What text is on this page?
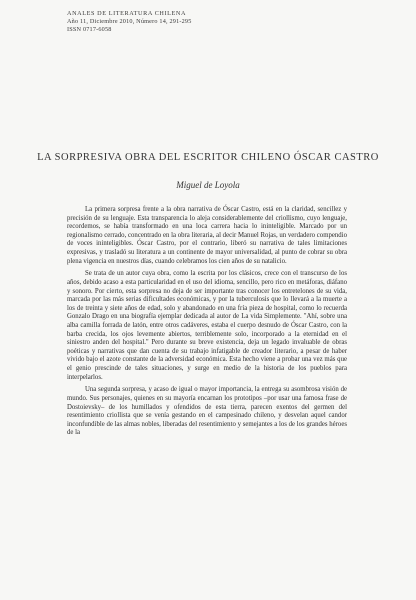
ANALES DE LITERATURA CHILENA
Año 11, Diciembre 2010, Número 14, 291-295
ISSN 0717-6058
LA SORPRESIVA OBRA DEL ESCRITOR CHILENO ÓSCAR CASTRO
Miguel de Loyola

La primera sorpresa frente a la obra narrativa de Óscar Castro, está en la claridad, sencillez y precisión de su lenguaje. Esta transparencia lo aleja considerablemente del criollismo, cuyo lenguaje, recordemos, se había transformado en una loca carrera hacia lo ininteligible. Marcado por un regionalismo cerrado, concentrado en la obra literaria, al decir Manuel Rojas, un verdadero compendio de voces ininteligibles. Óscar Castro, por el contrario, liberó su narrativa de tales limitaciones expresivas, y trasladó su literatura a un continente de mayor universalidad, al punto de cobrar su obra plena vigencia en nuestros días, cuando celebramos los cien años de su natalicio.

Se trata de un autor cuya obra, como la escrita por los clásicos, crece con el transcurso de los años, debido acaso a esta particularidad en el uso del idioma, sencillo, pero rico en metáforas, diáfano y sonoro. Por cierto, esta sorpresa no deja de ser importante tras conocer los entretelones de su vida, marcada por las más serias dificultades económicas, y por la tuberculosis que lo llevará a la muerte a los de treinta y siete años de edad, solo y abandonado en una fría pieza de hospital, como lo recuerda Gonzalo Drago en una biografía ejemplar dedicada al autor de La vida Simplemente. "Ahí, sobre una alba camilla forrada de latón, entre otros cadáveres, estaba el cuerpo desnudo de Óscar Castro, con la barba crecida, los ojos levemente abiertos, terriblemente solo, incorporado a la eternidad en el siniestro anden del hospital." Pero durante su breve existencia, deja un legado invaluable de obras poéticas y narrativas que dan cuenta de su trabajo infatigable de creador literario, a pesar de haber vivido bajo el azote constante de la adversidad económica. Esta hecho viene a probar una vez más que el genio prescinde de tales situaciones, y surge en medio de la historia de los pueblos para interpelarlos.

Una segunda sorpresa, y acaso de igual o mayor importancia, la entrega su asombrosa visión de mundo. Sus personajes, quienes en su mayoría encarnan los prototipos –por usar una famosa frase de Dostoievsky– de los humillados y ofendidos de esta tierra, parecen exentos del germen del resentimiento criollista que se venía gestando en el campesinado chileno, y desvelan aquel candor inconfundible de las almas nobles, liberadas del resentimiento y semejantes a los de los grandes héroes de la
